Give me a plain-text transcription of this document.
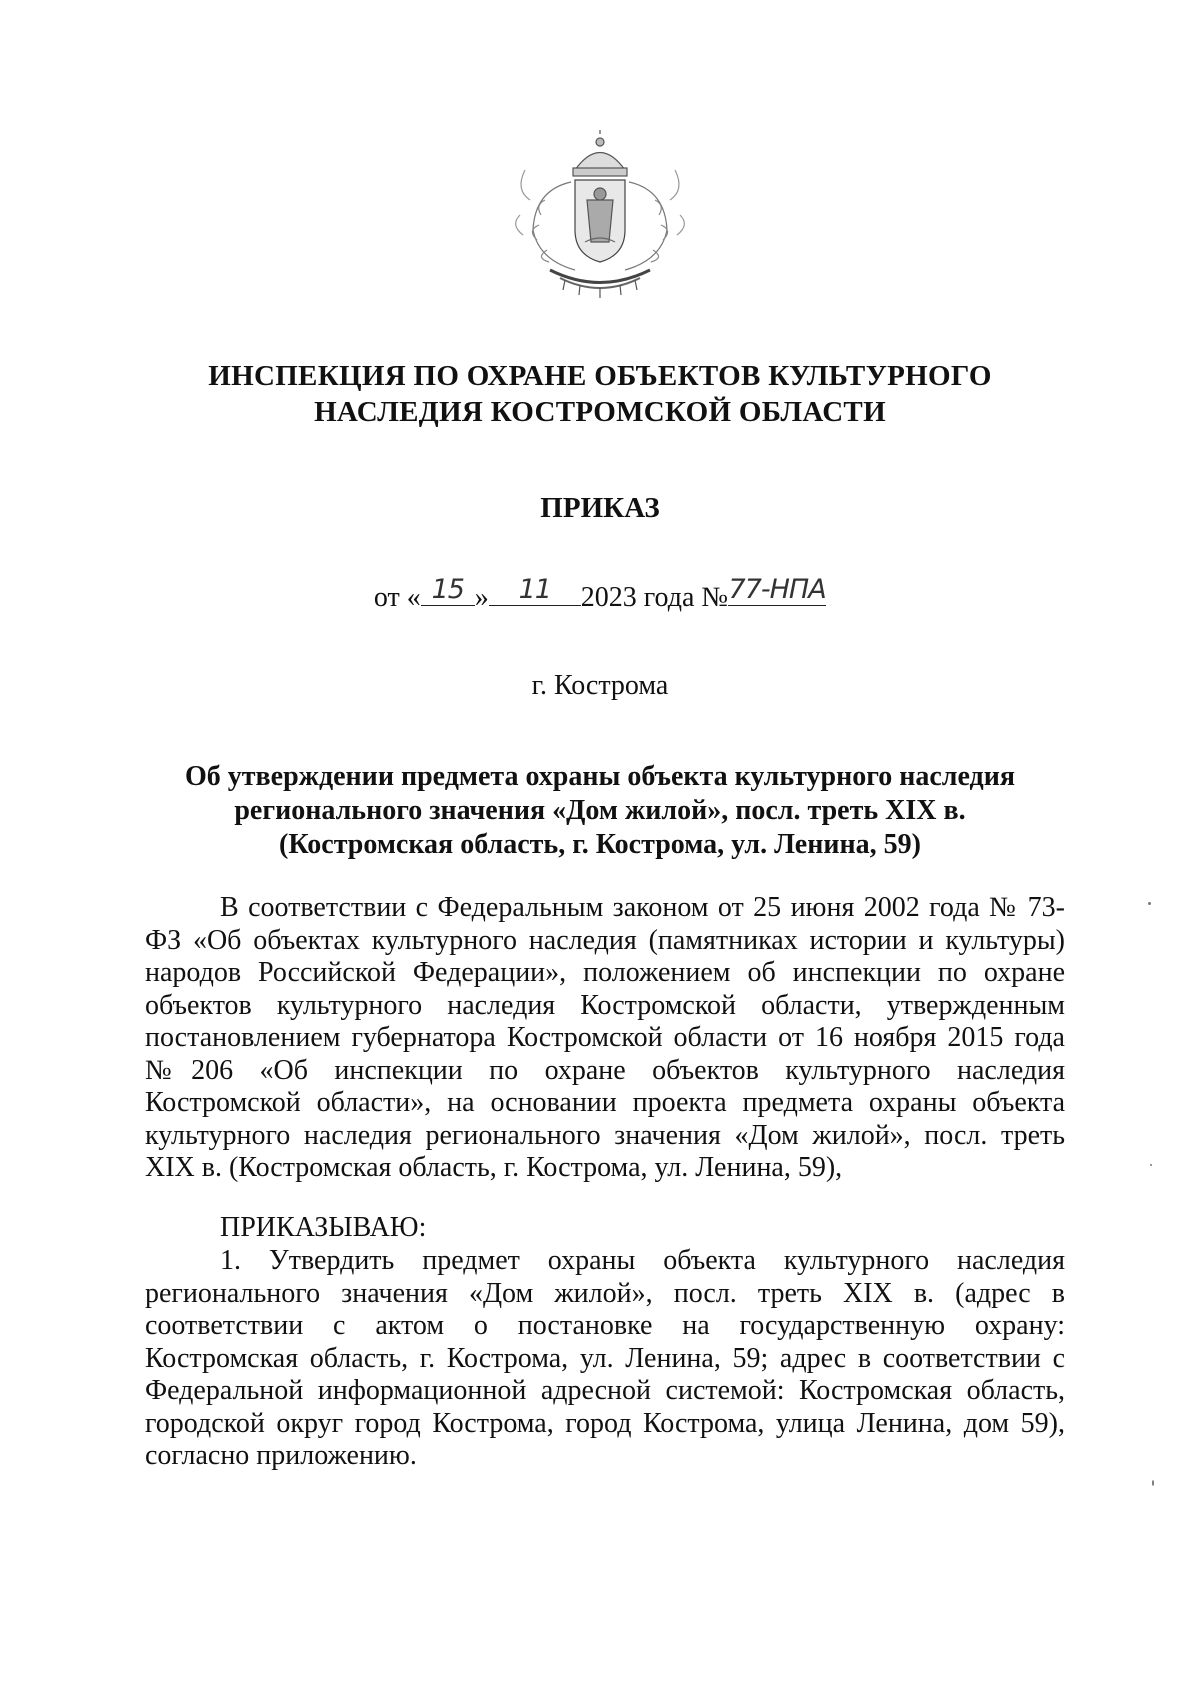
ИНСПЕКЦИЯ ПО ОХРАНЕ ОБЪЕКТОВ КУЛЬТУРНОГО
НАСЛЕДИЯ КОСТРОМСКОЙ ОБЛАСТИ
ПРИКАЗ
от « 15 »	11	2023 года № 77-НПА
г. Кострома
Об утверждении предмета охраны объекта культурного наследия
регионального значения «Дом жилой», посл. треть XIX в.
(Костромская область, г. Кострома, ул. Ленина, 59)
В соответствии с Федеральным законом от 25 июня 2002 года № 73-ФЗ «Об объектах культурного наследия (памятниках истории и культуры) народов Российской Федерации», положением об инспекции по охране объектов культурного наследия Костромской области, утвержденным постановлением губернатора Костромской области от 16 ноября 2015 года №206 «Об инспекции по охране объектов культурного наследия Костромской области», на основании проекта предмета охраны объекта культурного наследия регионального значения «Дом жилой», посл. треть XIX в. (Костромская область, г. Кострома, ул. Ленина, 59),
ПРИКАЗЫВАЮ:
1. Утвердить предмет охраны объекта культурного наследия регионального значения «Дом жилой», посл. треть XIX в. (адрес в соответствии с актом о постановке на государственную охрану: Костромская область, г. Кострома, ул. Ленина, 59; адрес в соответствии с Федеральной информационной адресной системой: Костромская область, городской округ город Кострома, город Кострома, улица Ленина, дом 59), согласно приложению.
